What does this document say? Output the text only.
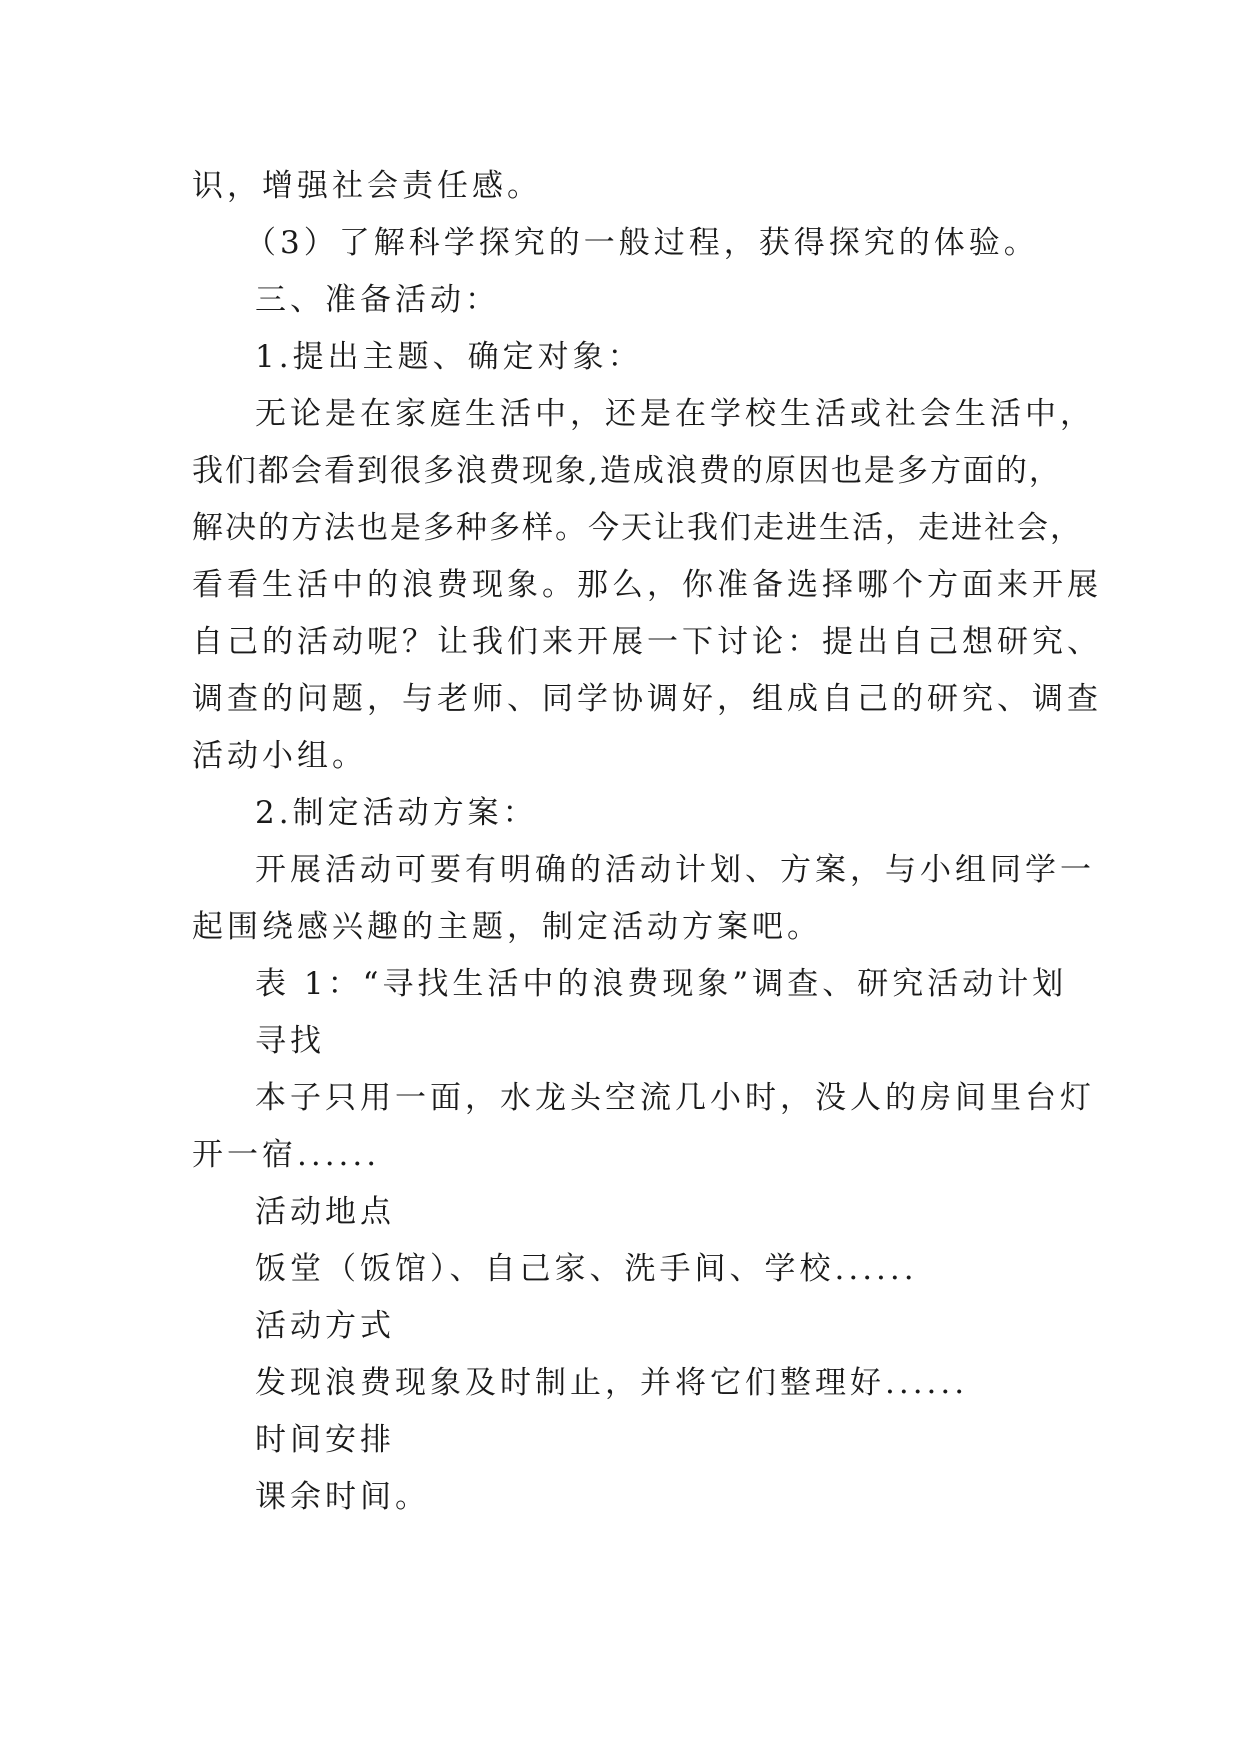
识，增强社会责任感。
（3）了解科学探究的一般过程，获得探究的体验。
三、准备活动：
1.提出主题、确定对象：
无论是在家庭生活中，还是在学校生活或社会生活中，
我们都会看到很多浪费现象,造成浪费的原因也是多方面的，
解决的方法也是多种多样。今天让我们走进生活，走进社会，
看看生活中的浪费现象。那么，你准备选择哪个方面来开展
自己的活动呢？让我们来开展一下讨论：提出自己想研究、
调查的问题，与老师、同学协调好，组成自己的研究、调查
活动小组。
2.制定活动方案：
开展活动可要有明确的活动计划、方案，与小组同学一
起围绕感兴趣的主题，制定活动方案吧。
表 1：“寻找生活中的浪费现象”调查、研究活动计划
寻找
本子只用一面，水龙头空流几小时，没人的房间里台灯
开一宿......
活动地点
饭堂（饭馆）、自己家、洗手间、学校......
活动方式
发现浪费现象及时制止，并将它们整理好......
时间安排
课余时间。
